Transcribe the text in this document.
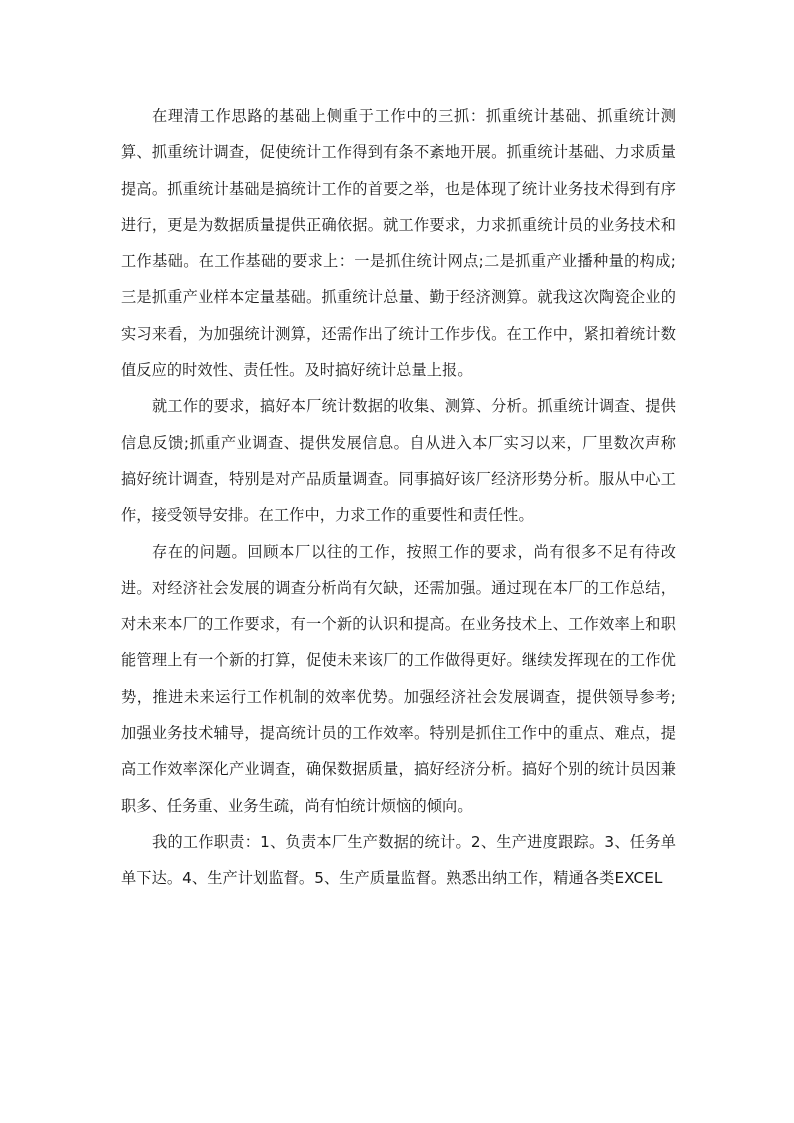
在理清工作思路的基础上侧重于工作中的三抓：抓重统计基础、抓重统计测算、抓重统计调查，促使统计工作得到有条不紊地开展。抓重统计基础、力求质量提高。抓重统计基础是搞统计工作的首要之举，也是体现了统计业务技术得到有序进行，更是为数据质量提供正确依据。就工作要求，力求抓重统计员的业务技术和工作基础。在工作基础的要求上：一是抓住统计网点;二是抓重产业播种量的构成;三是抓重产业样本定量基础。抓重统计总量、勤于经济测算。就我这次陶瓷企业的实习来看，为加强统计测算，还需作出了统计工作步伐。在工作中，紧扣着统计数值反应的时效性、责任性。及时搞好统计总量上报。

就工作的要求，搞好本厂统计数据的收集、测算、分析。抓重统计调查、提供信息反馈;抓重产业调查、提供发展信息。自从进入本厂实习以来，厂里数次声称搞好统计调查，特别是对产品质量调查。同事搞好该厂经济形势分析。服从中心工作，接受领导安排。在工作中，力求工作的重要性和责任性。

存在的问题。回顾本厂以往的工作，按照工作的要求，尚有很多不足有待改进。对经济社会发展的调查分析尚有欠缺，还需加强。通过现在本厂的工作总结，对未来本厂的工作要求，有一个新的认识和提高。在业务技术上、工作效率上和职能管理上有一个新的打算，促使未来该厂的工作做得更好。继续发挥现在的工作优势，推进未来运行工作机制的效率优势。加强经济社会发展调查，提供领导参考;加强业务技术辅导，提高统计员的工作效率。特别是抓住工作中的重点、难点，提高工作效率深化产业调查，确保数据质量，搞好经济分析。搞好个别的统计员因兼职多、任务重、业务生疏，尚有怕统计烦恼的倾向。

我的工作职责：1、负责本厂生产数据的统计。2、生产进度跟踪。3、任务单单下达。4、生产计划监督。5、生产质量监督。熟悉出纳工作，精通各类EXCEL
